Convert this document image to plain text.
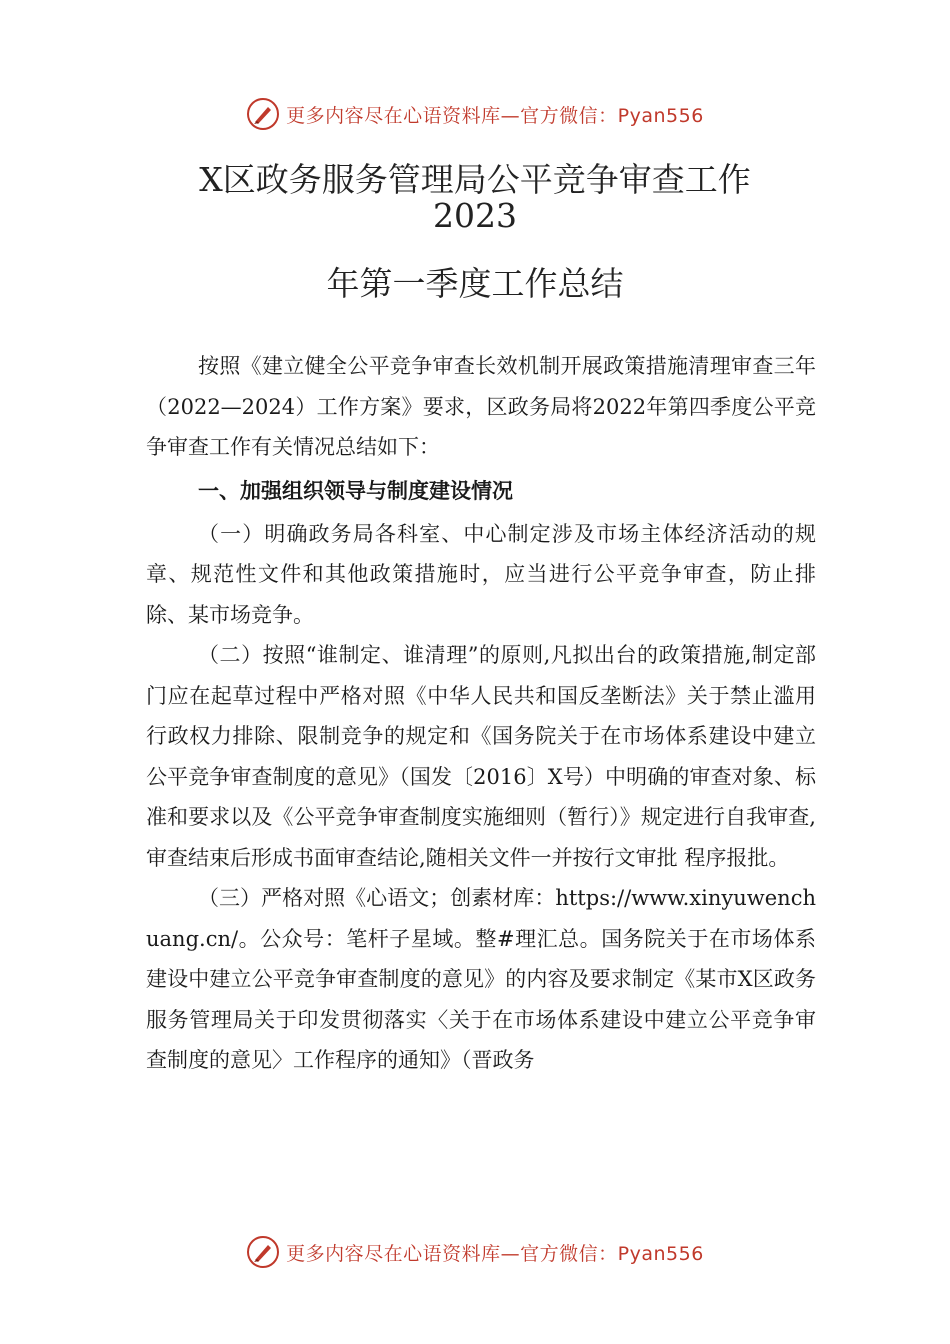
更多内容尽在心语资料库—官方微信：Pyan556
X区政务服务管理局公平竞争审查工作
2023
年第一季度工作总结

按照《建立健全公平竞争审查长效机制开展政策措施清理审查三年（2022—2024）工作方案》要求，区政务局将2022年第四季度公平竞争审查工作有关情况总结如下：

一、加强组织领导与制度建设情况

（一）明确政务局各科室、中心制定涉及市场主体经济活动的规章、规范性文件和其他政策措施时，应当进行公平竞争审查，防止排除、某市场竞争。

（二）按照“谁制定、谁清理”的原则,凡拟出台的政策措施,制定部门应在起草过程中严格对照《中华人民共和国反垄断法》关于禁止滥用行政权力排除、限制竞争的规定和《国务院关于在市场体系建设中建立公平竞争审查制度的意见》（国发〔2016〕X号）中明确的审查对象、标准和要求以及《公平竞争审查制度实施细则（暂行）》规定进行自我审查,审查结束后形成书面审查结论,随相关文件一并按行文审批 程序报批。

（三）严格对照《心语文；创素材库：https://www.xinyuwenchuang.cn/。公众号：笔杆子星域。整#理汇总。国务院关于在市场体系建设中建立公平竞争审查制度的意见》的内容及要求制定《某市X区政务服务管理局关于印发贯彻落实〈关于在市场体系建设中建立公平竞争审查制度的意见〉工作程序的通知》（晋政务

更多内容尽在心语资料库—官方微信：Pyan556
